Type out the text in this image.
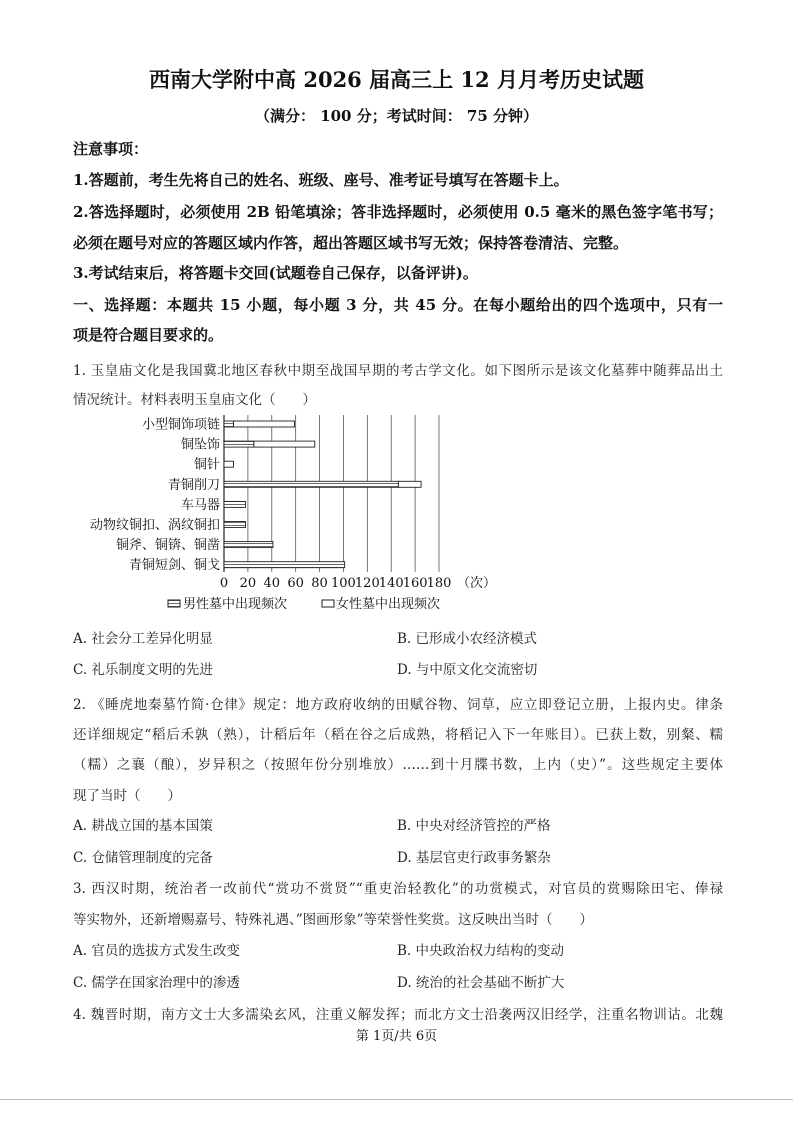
西南大学附中高 2026 届高三上 12 月月考历史试题
（满分： 100 分；考试时间： 75 分钟）
注意事项：
1.答题前，考生先将自己的姓名、班级、座号、准考证号填写在答题卡上。
2.答选择题时，必须使用 2B 铅笔填涂；答非选择题时，必须使用 0.5 毫米的黑色签字笔书写；
必须在题号对应的答题区域内作答，超出答题区域书写无效；保持答卷清洁、完整。
3.考试结束后，将答题卡交回(试题卷自己保存，以备评讲)。
一、选择题：本题共 15 小题，每小题 3 分，共 45 分。在每小题给出的四个选项中，只有一
项是符合题目要求的。
1. 玉皇庙文化是我国冀北地区春秋中期至战国早期的考古学文化。如下图所示是该文化墓葬中随葬品出土
情况统计。材料表明玉皇庙文化（　　）
0 20 40 60 80 100 120 140 160 180 （次）
小型铜饰项链
铜坠饰
铜针
青铜削刀
车马器
动物纹铜扣、涡纹铜扣
铜斧、铜锛、铜凿
青铜短剑、铜戈
男性墓中出现频次	女性墓中出现频次
A. 社会分工差异化明显	B. 已形成小农经济模式
C. 礼乐制度文明的先进	D. 与中原文化交流密切
2. 《睡虎地秦墓竹简·仓律》规定：地方政府收纳的田赋谷物、饲草，应立即登记立册，上报内史。律条
还详细规定“稻后禾孰（熟），计稻后年（稻在谷之后成熟，将稻记入下一年账目）。已获上数，别粲、糯
（糯）之襄（酿），岁异积之（按照年份分别堆放）……到十月牒书数，上内（史）”。这些规定主要体
现了当时（　　）
A. 耕战立国的基本国策	B. 中央对经济管控的严格
C. 仓储管理制度的完备	D. 基层官吏行政事务繁杂
3. 西汉时期，统治者一改前代“赏功不赏贤”“重吏治轻教化”的功赏模式，对官员的赏赐除田宅、俸禄
等实物外，还新增赐嘉号、特殊礼遇、”图画形象”等荣誉性奖赏。这反映出当时（　　）
A. 官员的选拔方式发生改变	B. 中央政治权力结构的变动
C. 儒学在国家治理中的渗透	D. 统治的社会基础不断扩大
4. 魏晋时期，南方文士大多濡染玄风，注重义解发挥；而北方文士沿袭两汉旧经学，注重名物训诂。北魏
第 1页/共 6页
